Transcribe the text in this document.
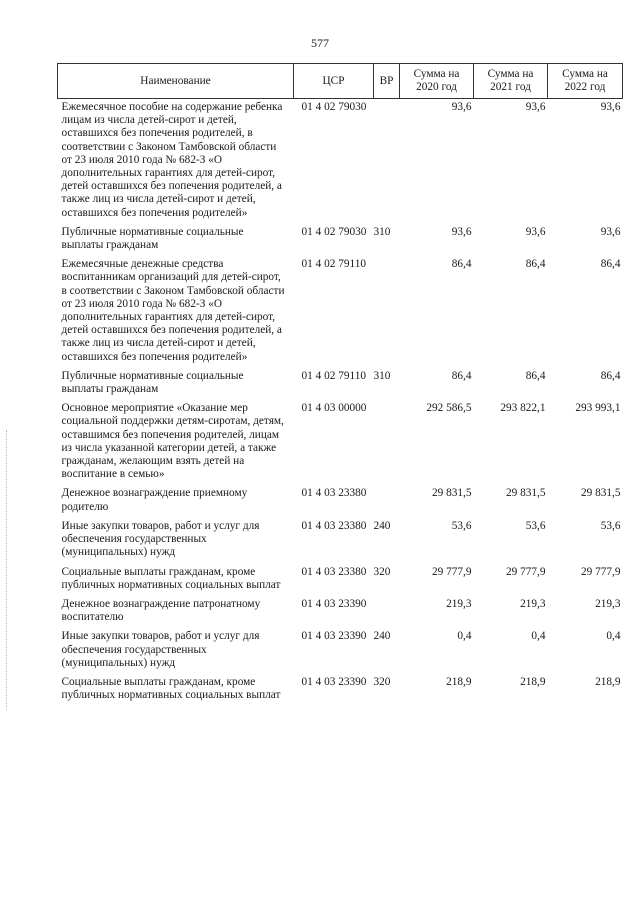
577
Наименование	ЦСР	ВР	Сумма на 2020 год	Сумма на 2021 год	Сумма на 2022 год
Ежемесячное пособие на содержание ребенка лицам из числа детей-сирот и детей, оставшихся без попечения родителей, в соответствии с Законом Тамбовской области от 23 июля 2010 года № 682-З «О дополнительных гарантиях для детей-сирот, детей оставшихся без попечения родителей, а также лиц из числа детей-сирот и детей, оставшихся без попечения родителей»	01 4 02 79030		93,6	93,6	93,6
Публичные нормативные социальные выплаты гражданам	01 4 02 79030	310	93,6	93,6	93,6
Ежемесячные денежные средства воспитанникам организаций для детей-сирот, в соответствии с Законом Тамбовской области от 23 июля 2010 года № 682-З «О дополнительных гарантиях для детей-сирот, детей оставшихся без попечения родителей, а также лиц из числа детей-сирот и детей, оставшихся без попечения родителей»	01 4 02 79110		86,4	86,4	86,4
Публичные нормативные социальные выплаты гражданам	01 4 02 79110	310	86,4	86,4	86,4
Основное мероприятие «Оказание мер социальной поддержки детям-сиротам, детям, оставшимся без попечения родителей, лицам из числа указанной категории детей, а также гражданам, желающим взять детей на воспитание в семью»	01 4 03 00000		292 586,5	293 822,1	293 993,1
Денежное вознаграждение приемному родителю	01 4 03 23380		29 831,5	29 831,5	29 831,5
Иные закупки товаров, работ и услуг для обеспечения государственных (муниципальных) нужд	01 4 03 23380	240	53,6	53,6	53,6
Социальные выплаты гражданам, кроме публичных нормативных социальных выплат	01 4 03 23380	320	29 777,9	29 777,9	29 777,9
Денежное вознаграждение патронатному воспитателю	01 4 03 23390		219,3	219,3	219,3
Иные закупки товаров, работ и услуг для обеспечения государственных (муниципальных) нужд	01 4 03 23390	240	0,4	0,4	0,4
Социальные выплаты гражданам, кроме публичных нормативных социальных выплат	01 4 03 23390	320	218,9	218,9	218,9
